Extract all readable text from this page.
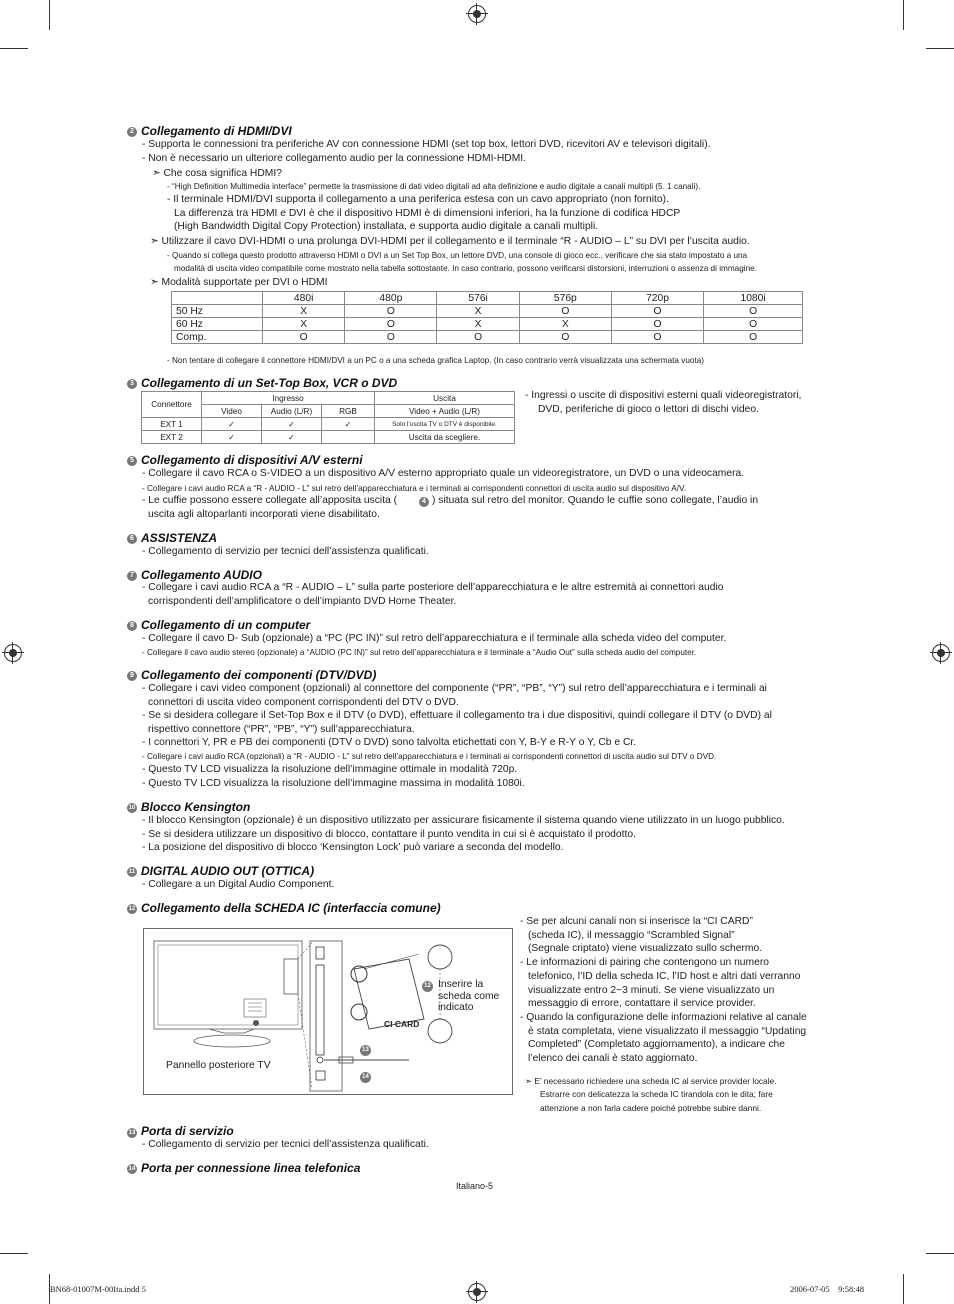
2 Collegamento di HDMI/DVI
- Supporta le connessioni tra periferiche AV con connessione HDMI (set top box, lettori DVD, ricevitori AV e televisori digitali).
- Non è necessario un ulteriore collegamento audio per la connessione HDMI-HDMI.
➣ Che cosa significa HDMI?
- “High Definition Multimedia interface” permette la trasmissione di dati video digitali ad alta definizione e audio digitale a canali multipli (5. 1 canali).
- Il terminale HDMI/DVI supporta il collegamento a una periferica estesa con un cavo appropriato (non fornito).
La differenza tra HDMI e DVI è che il dispositivo HDMI è di dimensioni inferiori, ha la funzione di codifica HDCP
(High Bandwidth Digital Copy Protection) installata, e supporta audio digitale a canali multipli.
➣ Utilizzare il cavo DVI-HDMI o una prolunga DVI-HDMI per il collegamento e il terminale “R - AUDIO – L” su DVI per l’uscita audio.
- Quando si collega questo prodotto attraverso HDMI o DVI a un Set Top Box, un lettore DVD, una console di gioco ecc., verificare che sia stato impostato a una
modalità di uscita video compatibile come mostrato nella tabella sottostante. In caso contrario, possono verificarsi distorsioni, interruzioni o assenza di immagine.
➣ Modalità supportate per DVI o HDMI
	480i	480p	576i	576p	720p	1080i
50 Hz	X	O	X	O	O	O
60 Hz	X	O	X	X	O	O
Comp.	O	O	O	O	O	O
- Non tentare di collegare il connettore HDMI/DVI a un PC o a una scheda grafica Laptop. (In caso contrario verrà visualizzata una schermata vuota)
3 Collegamento di un Set-Top Box, VCR o DVD
Connettore	Ingresso			Uscita
	Video	Audio (L/R)	RGB	Video + Audio (L/R)
EXT 1	✓	✓	✓	Solo l’uscita TV o DTV è disponibile.
EXT 2	✓	✓		Uscita da scegliere.
- Ingressi o uscite di dispositivi esterni quali videoregistratori,
DVD, periferiche di gioco o lettori di dischi video.
5 Collegamento di dispositivi A/V esterni
- Collegare il cavo RCA o S-VIDEO a un dispositivo A/V esterno appropriato quale un videoregistratore, un DVD o una videocamera.
- Collegare i cavi audio RCA a “R - AUDIO - L” sul retro dell’apparecchiatura e i terminali ai corrispondenti connettori di uscita audio sul dispositivo A/V.
- Le cuffie possono essere collegate all’apposita uscita (	4 ) situata sul retro del monitor. Quando le cuffie sono collegate, l’audio in
uscita agli altoparlanti incorporati viene disabilitato.
6 ASSISTENZA
- Collegamento di servizio per tecnici dell’assistenza qualificati.
7 Collegamento AUDIO
- Collegare i cavi audio RCA a “R - AUDIO – L” sulla parte posteriore dell’apparecchiatura e le altre estremità ai connettori audio
corrispondenti dell’amplificatore o dell’impianto DVD Home Theater.
8 Collegamento di un computer
- Collegare il cavo D- Sub (opzionale) a “PC (PC IN)” sul retro dell’apparecchiatura e il terminale alla scheda video del computer.
- Collegare il cavo audio stereo (opzionale) a “AUDIO (PC IN)” sul retro dell’apparecchiatura e il terminale a “Audio Out” sulla scheda audio del computer.
9 Collegamento dei componenti (DTV/DVD)
- Collegare i cavi video component (opzionali) al connettore del componente (“PR”, “PB”, “Y”) sul retro dell’apparecchiatura e i terminali ai
connettori di uscita video component corrispondenti del DTV o DVD.
- Se si desidera collegare il Set-Top Box e il DTV (o DVD), effettuare il collegamento tra i due dispositivi, quindi collegare il DTV (o DVD) al
rispettivo connettore (“PR”, “PB”, “Y”) sull’apparecchiatura.
- I connettori Y, PR e PB dei componenti (DTV o DVD) sono talvolta etichettati con Y, B-Y e R-Y o Y, Cb e Cr.
- Collegare i cavi audio RCA (opzionali) a “R - AUDIO - L” sul retro dell’apparecchiatura e i terminali ai corrispondenti connettori di uscita audio sul DTV o DVD.
- Questo TV LCD visualizza la risoluzione dell’immagine ottimale in modalità 720p.
- Questo TV LCD visualizza la risoluzione dell’immagine massima in modalità 1080i.
10 Blocco Kensington
- Il blocco Kensington (opzionale) è un dispositivo utilizzato per assicurare fisicamente il sistema quando viene utilizzato in un luogo pubblico.
- Se si desidera utilizzare un dispositivo di blocco, contattare il punto vendita in cui si è acquistato il prodotto.
- La posizione del dispositivo di blocco ‘Kensington Lock’ può variare a seconda del modello.
11 DIGITAL AUDIO OUT (OTTICA)
- Collegare a un Digital Audio Component.
12 Collegamento della SCHEDA IC (interfaccia comune)
Inserire la
scheda come
indicato
12
CI CARD
13
14
Pannello posteriore TV
- Se per alcuni canali non si inserisce la “CI CARD”
(scheda IC), il messaggio “Scrambled Signal”
(Segnale criptato) viene visualizzato sullo schermo.
- Le informazioni di pairing che contengono un numero
telefonico, l’ID della scheda IC, l’ID host e altri dati verranno
visualizzate entro 2~3 minuti. Se viene visualizzato un
messaggio di errore, contattare il service provider.
- Quando la configurazione delle informazioni relative al canale
è stata completata, viene visualizzato il messaggio “Updating
Completed” (Completato aggiornamento), a indicare che
l’elenco dei canali è stato aggiornato.
➣ E’ necessario richiedere una scheda IC al service provider locale.
Estrarre con delicatezza la scheda IC tirandola con le dita; fare
attenzione a non farla cadere poiché potrebbe subire danni.
13 Porta di servizio
- Collegamento di servizio per tecnici dell’assistenza qualificati.
14 Porta per connessione linea telefonica
Italiano-5
BN68-01007M-00Ita.indd 5	2006-07-05    9:58:48
